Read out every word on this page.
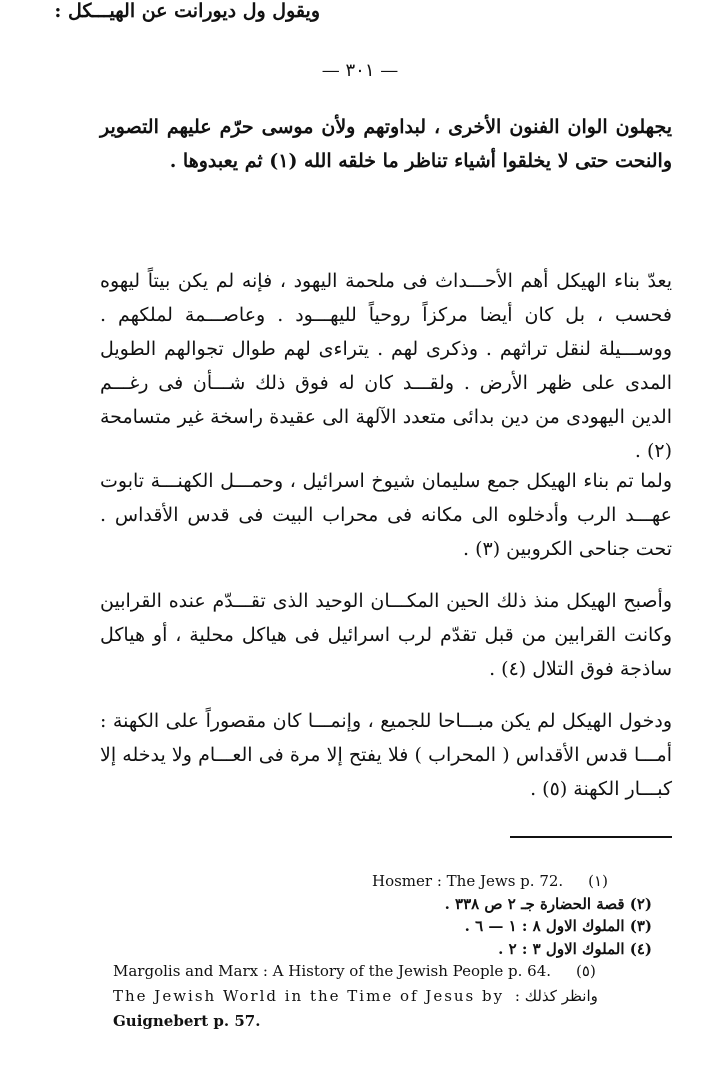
— ٣٠١ —

يجهلون الوان الفنون الأخرى ، لبداوتهم ولأن موسى حرّم عليهم التصوير والنحت حتى لا يخلقوا أشياء تناظر ما خلقه الله (١) ثم يعبدوها .

ويقول ول ديورانت عن الهيـــكل :

يعدّ بناء الهيكل أهم الأحـــداث فى ملحمة اليهود ، فإنه لم يكن بيتاً ليهوه فحسب ، بل كان أيضا مركزاً روحياً لليهـــود . وعاصـــمة لملكهم . ووســـيلة لنقل تراثهم . وذكرى لهم . يتراءى لهم طوال تجوالهم الطويل المدى على ظهر الأرض . ولقـــد كان له فوق ذلك شـــأن فى رغـــم الدين اليهودى من دين بدائى متعدد الآلهة الى عقيدة راسخة غير متسامحة (٢) .

ولما تم بناء الهيكل جمع سليمان شيوخ اسرائيل ، وحمـــل الكهنـــة تابوت عهـــد الرب وأدخلوه الى مكانه فى محراب البيت فى قدس الأقداس . تحت جناحى الكروبين (٣) .

وأصبح الهيكل منذ ذلك الحين المكـــان الوحيد الذى تقـــدّم عنده القرابين وكانت القرابين من قبل تقدّم لرب اسرائيل فى هياكل محلية ، أو هياكل ساذجة فوق التلال (٤) .

ودخول الهيكل لم يكن مبـــاحا للجميع ، وإنمـــا كان مقصوراً على الكهنة : أمـــا قدس الأقداس ( المحراب ) فلا يفتح إلا مرة فى العـــام ولا يدخله إلا كبـــار الكهنة (٥) .

Hosmer : The Jews p. 72. (١)

(٢) قصة الحضارة جـ ٢ ص ٣٣٨ .

(٣) الملوك الاول ٨ : ١ — ٦ .

(٤) الملوك الاول ٣ : ٢ .

Margolis and Marx : A History of the Jewish People p. 64. (٥)

The Jewish World in the Time of Jesus by وانظر كذلك :

Guignebert p. 57.
